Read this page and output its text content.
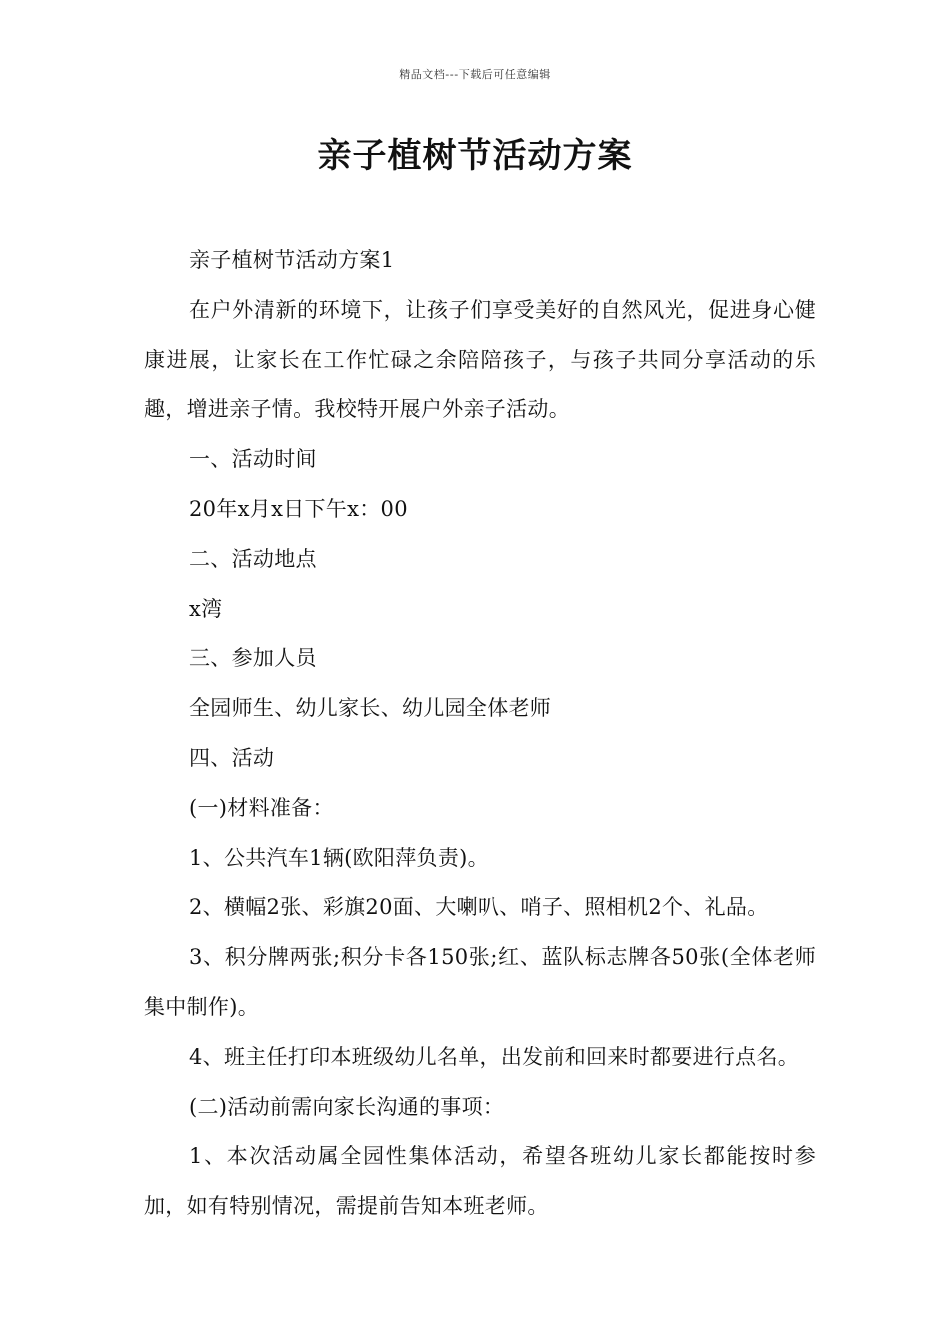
精品文档---下载后可任意编辑
亲子植树节活动方案

亲子植树节活动方案1

在户外清新的环境下，让孩子们享受美好的自然风光，促进身心健康进展，让家长在工作忙碌之余陪陪孩子，与孩子共同分享活动的乐趣，增进亲子情。我校特开展户外亲子活动。

一、活动时间

20年x月x日下午x：00

二、活动地点

x湾

三、参加人员

全园师生、幼儿家长、幼儿园全体老师

四、活动

(一)材料准备：

1、公共汽车1辆(欧阳萍负责)。

2、横幅2张、彩旗20面、大喇叭、哨子、照相机2个、礼品。

3、积分牌两张;积分卡各150张;红、蓝队标志牌各50张(全体老师集中制作)。

4、班主任打印本班级幼儿名单，出发前和回来时都要进行点名。

(二)活动前需向家长沟通的事项：

1、本次活动属全园性集体活动，希望各班幼儿家长都能按时参加，如有特别情况，需提前告知本班老师。
